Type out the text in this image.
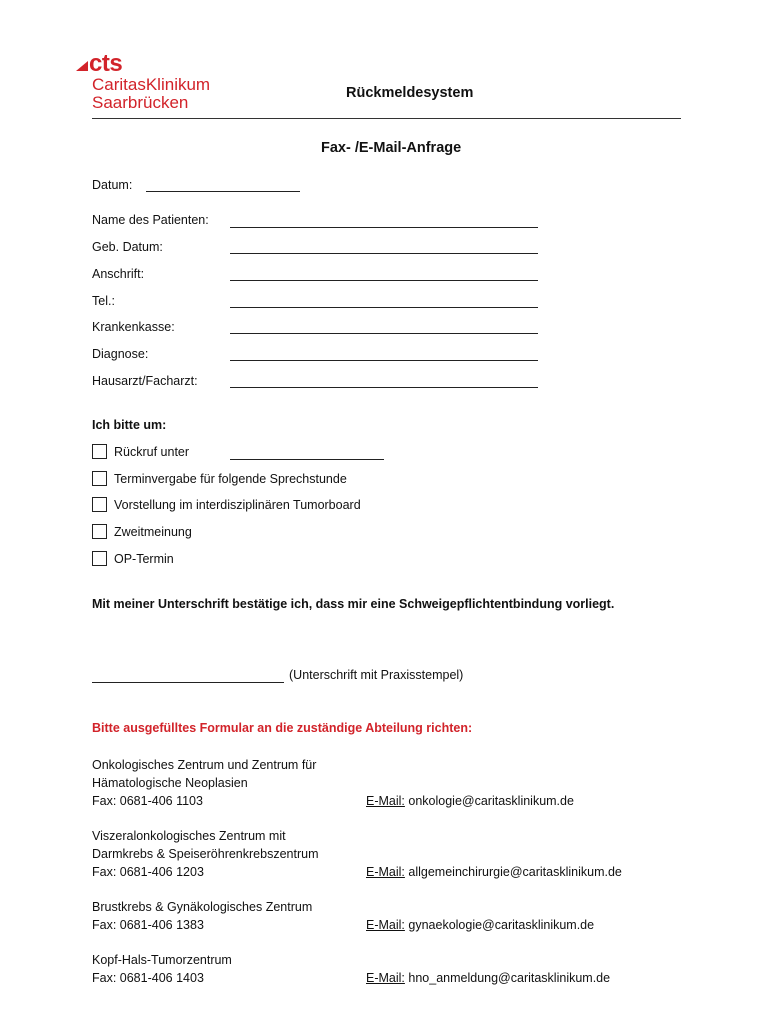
cts
CaritasKlinikum
Saarbrücken	Rückmeldesystem
Fax- /E-Mail-Anfrage
Datum:
Name des Patienten:
Geb. Datum:
Anschrift:
Tel.:
Krankenkasse:
Diagnose:
Hausarzt/Facharzt:
Ich bitte um:
Rückruf unter
Terminvergabe für folgende Sprechstunde
Vorstellung im interdisziplinären Tumorboard
Zweitmeinung
OP-Termin
Mit meiner Unterschrift bestätige ich, dass mir eine Schweigepflichtentbindung vorliegt.
(Unterschrift mit Praxisstempel)
Bitte ausgefülltes Formular an die zuständige Abteilung richten:
Onkologisches Zentrum und Zentrum für
Hämatologische Neoplasien
Fax: 0681-406 1103	E-Mail: onkologie@caritasklinikum.de
Viszeralonkologisches Zentrum mit
Darmkrebs & Speiseröhrenkrebszentrum
Fax: 0681-406 1203	E-Mail: allgemeinchirurgie@caritasklinikum.de
Brustkrebs & Gynäkologisches Zentrum
Fax: 0681-406 1383	E-Mail: gynaekologie@caritasklinikum.de
Kopf-Hals-Tumorzentrum
Fax: 0681-406 1403	E-Mail: hno_anmeldung@caritasklinikum.de
